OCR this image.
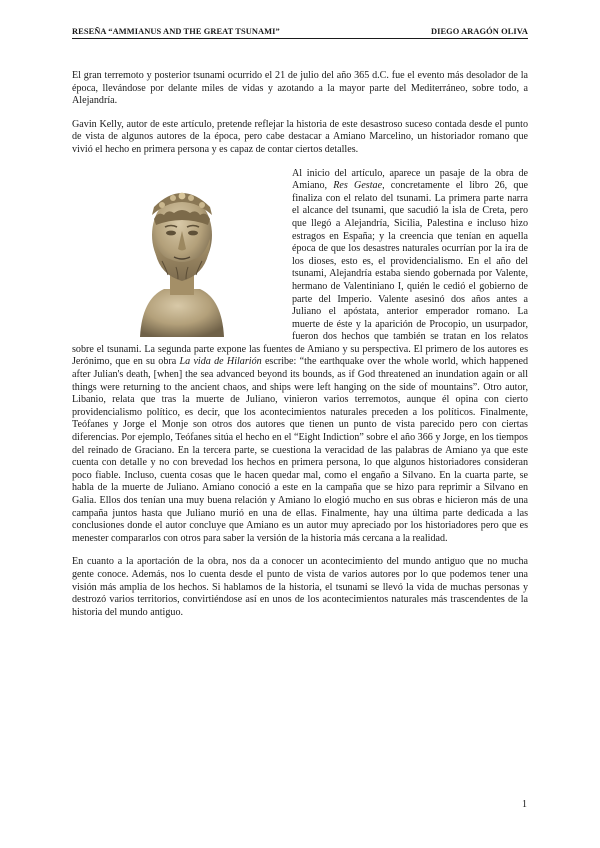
RESEÑA “AMMIANUS AND THE GREAT TSUNAMI”	DIEGO ARAGÓN OLIVA

El gran terremoto y posterior tsunami ocurrido el 21 de julio del año 365 d.C. fue el evento más desolador de la época, llevándose por delante miles de vidas y azotando a la mayor parte del Mediterráneo, sobre todo, a Alejandría.

Gavin Kelly, autor de este artículo, pretende reflejar la historia de este desastroso suceso contada desde el punto de vista de algunos autores de la época, pero cabe destacar a Amiano Marcelino, un historiador romano que vivió el hecho en primera persona y es capaz de contar ciertos detalles.

Al inicio del artículo, aparece un pasaje de la obra de Amiano, Res Gestae, concretamente el libro 26, que finaliza con el relato del tsunami. La primera parte narra el alcance del tsunami, que sacudió la isla de Creta, pero que llegó a Alejandría, Sicilia, Palestina e incluso hizo estragos en España; y la creencia que tenían en aquella época de que los desastres naturales ocurrían por la ira de los dioses, esto es, el providencialismo. En el año del tsunami, Alejandría estaba siendo gobernada por Valente, hermano de Valentiniano I, quién le cedió el gobierno de parte del Imperio. Valente asesinó dos años antes a Juliano el apóstata, anterior emperador romano. La muerte de éste y la aparición de Procopio, un usurpador, fueron dos hechos que también se tratan en los relatos sobre el tsunami. La segunda parte expone las fuentes de Amiano y su perspectiva. El primero de los autores es Jerónimo, que en su obra La vida de Hilarión escribe: “the earthquake over the whole world, which happened after Julian's death, [when] the sea advanced beyond its bounds, as if God threatened an inundation again or all things were returning to the ancient chaos, and ships were left hanging on the side of mountains”. Otro autor, Libanio, relata que tras la muerte de Juliano, vinieron varios terremotos, aunque él opina con cierto providencialismo político, es decir, que los acontecimientos naturales preceden a los políticos. Finalmente, Teófanes y Jorge el Monje son otros dos autores que tienen un punto de vista parecido pero con ciertas diferencias. Por ejemplo, Teófanes sitúa el hecho en el “Eight Indiction” sobre el año 366 y Jorge, en los tiempos del reinado de Graciano. En la tercera parte, se cuestiona la veracidad de las palabras de Amiano ya que este cuenta con detalle y no con brevedad los hechos en primera persona, lo que algunos historiadores consideran poco fiable. Incluso, cuenta cosas que le hacen quedar mal, como el engaño a Silvano. En la cuarta parte, se habla de la muerte de Juliano. Amiano conoció a este en la campaña que se hizo para reprimir a Silvano en Galia. Ellos dos tenían una muy buena relación y Amiano lo elogió mucho en sus obras e hicieron más de una campaña juntos hasta que Juliano murió en una de ellas. Finalmente, hay una última parte dedicada a las conclusiones donde el autor concluye que Amiano es un autor muy apreciado por los historiadores pero que es menester compararlos con otros para saber la versión de la historia más cercana a la realidad.

En cuanto a la aportación de la obra, nos da a conocer un acontecimiento del mundo antiguo que no mucha gente conoce. Además, nos lo cuenta desde el punto de vista de varios autores por lo que podemos tener una visión más amplia de los hechos. Si hablamos de la historia, el tsunami se llevó la vida de muchas personas y destrozó varios territorios, convirtiéndose así en unos de los acontecimientos naturales más trascendentes de la historia del mundo antiguo.

1
